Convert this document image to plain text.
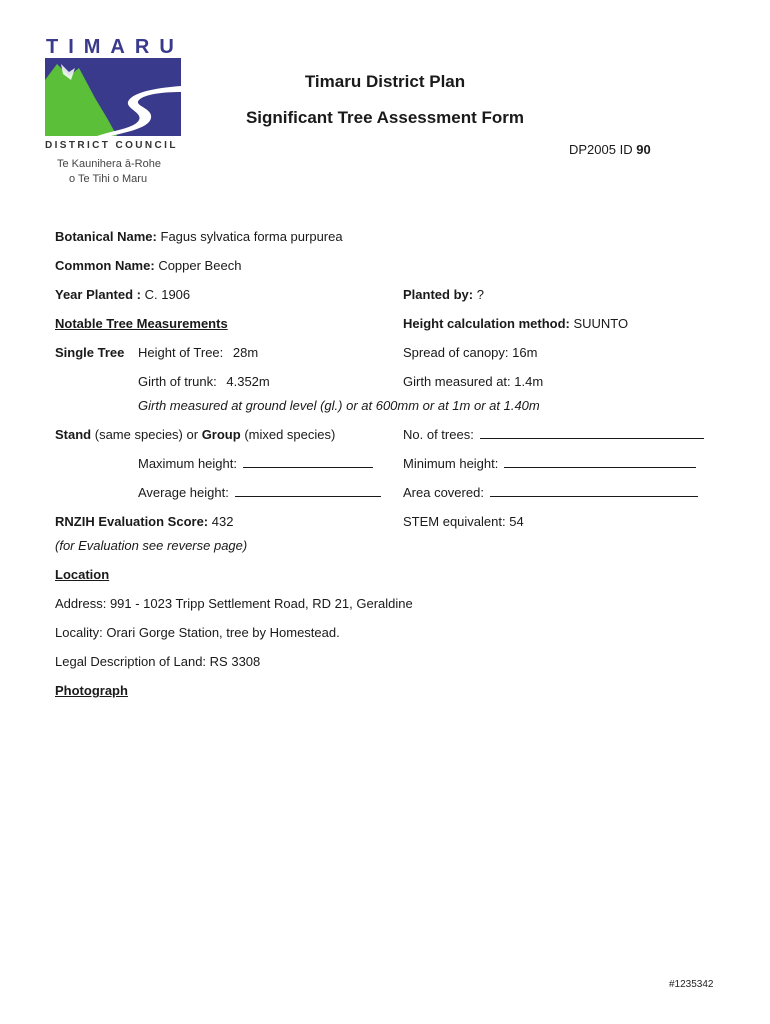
TIMARU
DISTRICT COUNCIL
Te Kaunihera ā-Rohe
o Te Tihi o Maru
Timaru District Plan
Significant Tree Assessment Form
DP2005 ID 90
Botanical Name: Fagus sylvatica forma purpurea
Common Name: Copper Beech
Year Planted : C. 1906	Planted by: ?
Notable Tree Measurements	Height calculation method: SUUNTO
Single Tree Height of Tree: 28m	Spread of canopy: 16m
Girth of trunk: 4.352m	Girth measured at: 1.4m
Girth measured at ground level (gl.) or at 600mm or at 1m or at 1.40m
Stand (same species) or Group (mixed species)	No. of trees:
Maximum height:	Minimum height:
Average height:	Area covered:
RNZIH Evaluation Score: 432	STEM equivalent: 54
(for Evaluation see reverse page)
Location
Address: 991 - 1023 Tripp Settlement Road, RD 21, Geraldine
Locality: Orari Gorge Station, tree by Homestead.
Legal Description of Land: RS 3308
Photograph
#1235342
